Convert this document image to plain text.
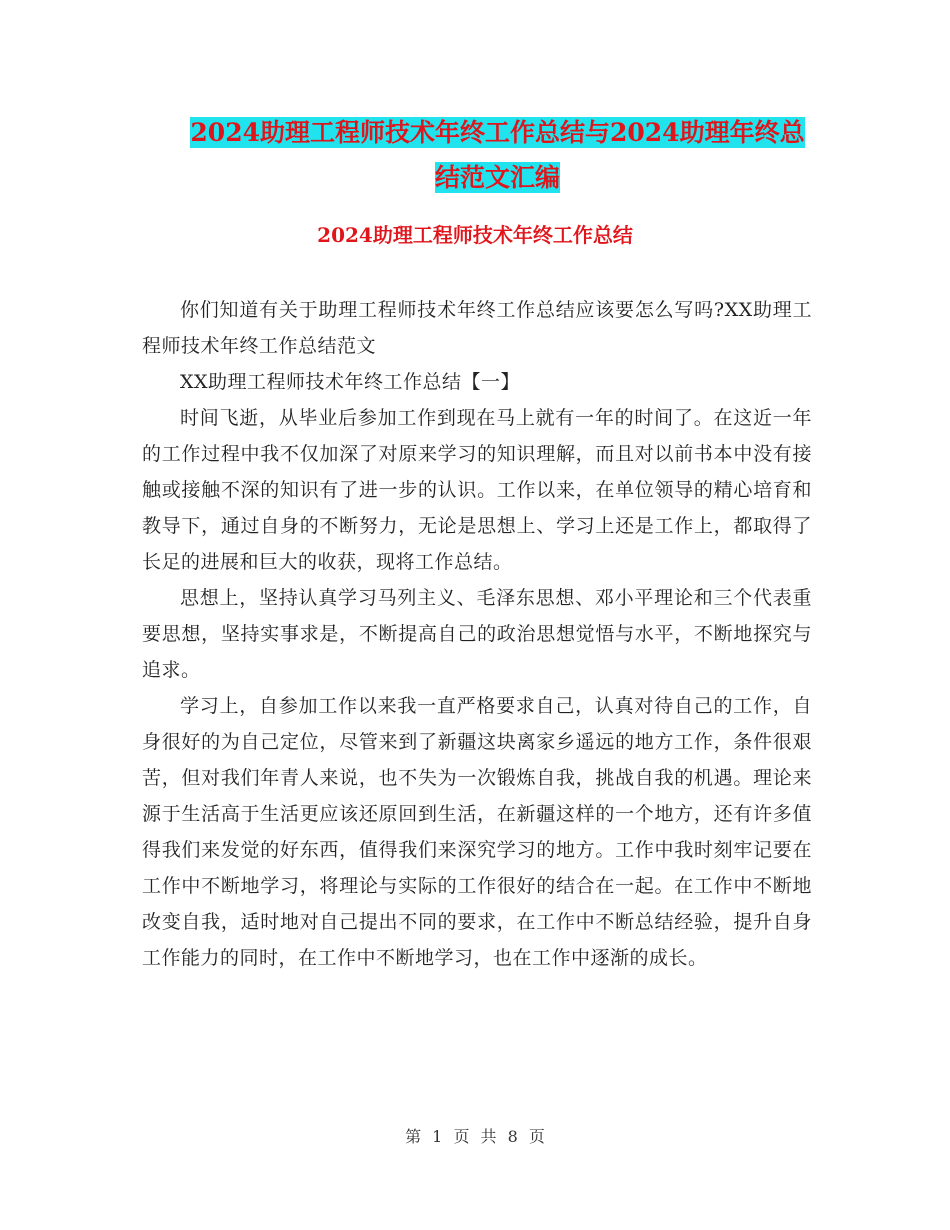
2024助理工程师技术年终工作总结与2024助理年终总
结范文汇编
2024助理工程师技术年终工作总结

你们知道有关于助理工程师技术年终工作总结应该要怎么写吗?XX助理工程师技术年终工作总结范文

XX助理工程师技术年终工作总结【一】

时间飞逝，从毕业后参加工作到现在马上就有一年的时间了。在这近一年的工作过程中我不仅加深了对原来学习的知识理解，而且对以前书本中没有接触或接触不深的知识有了进一步的认识。工作以来，在单位领导的精心培育和教导下，通过自身的不断努力，无论是思想上、学习上还是工作上，都取得了长足的进展和巨大的收获，现将工作总结。

思想上，坚持认真学习马列主义、毛泽东思想、邓小平理论和三个代表重要思想，坚持实事求是，不断提高自己的政治思想觉悟与水平，不断地探究与追求。

学习上，自参加工作以来我一直严格要求自己，认真对待自己的工作，自身很好的为自己定位，尽管来到了新疆这块离家乡遥远的地方工作，条件很艰苦，但对我们年青人来说，也不失为一次锻炼自我，挑战自我的机遇。理论来源于生活高于生活更应该还原回到生活，在新疆这样的一个地方，还有许多值得我们来发觉的好东西，值得我们来深究学习的地方。工作中我时刻牢记要在工作中不断地学习，将理论与实际的工作很好的结合在一起。在工作中不断地改变自我，适时地对自己提出不同的要求，在工作中不断总结经验，提升自身工作能力的同时，在工作中不断地学习，也在工作中逐渐的成长。

第 1 页 共 8 页
